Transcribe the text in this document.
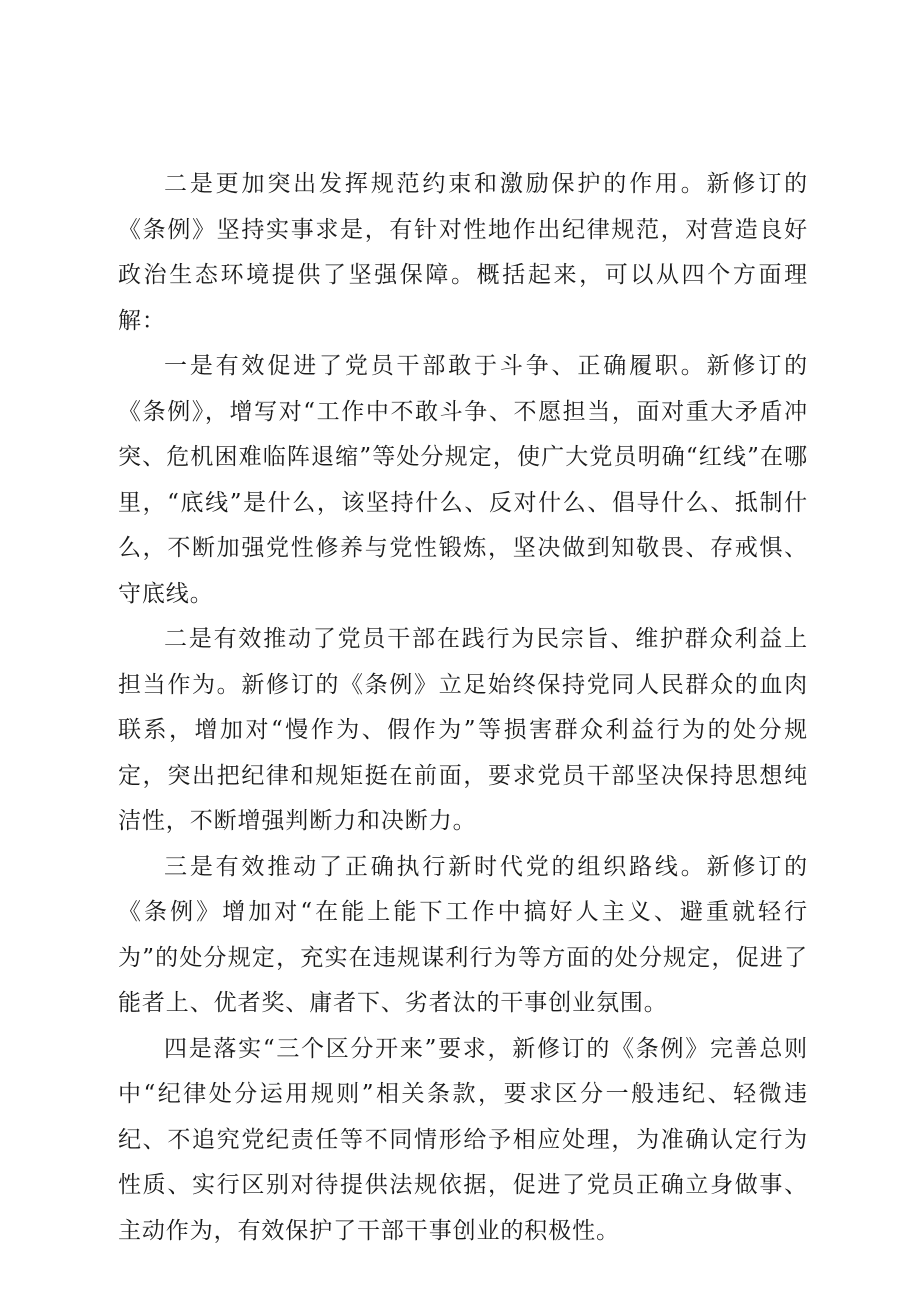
二是更加突出发挥规范约束和激励保护的作用。新修订的《条例》坚持实事求是，有针对性地作出纪律规范，对营造良好政治生态环境提供了坚强保障。概括起来，可以从四个方面理解：

一是有效促进了党员干部敢于斗争、正确履职。新修订的《条例》，增写对“工作中不敢斗争、不愿担当，面对重大矛盾冲突、危机困难临阵退缩”等处分规定，使广大党员明确“红线”在哪里，“底线”是什么，该坚持什么、反对什么、倡导什么、抵制什么，不断加强党性修养与党性锻炼，坚决做到知敬畏、存戒惧、守底线。

二是有效推动了党员干部在践行为民宗旨、维护群众利益上担当作为。新修订的《条例》立足始终保持党同人民群众的血肉联系，增加对“慢作为、假作为”等损害群众利益行为的处分规定，突出把纪律和规矩挺在前面，要求党员干部坚决保持思想纯洁性，不断增强判断力和决断力。

三是有效推动了正确执行新时代党的组织路线。新修订的《条例》增加对“在能上能下工作中搞好人主义、避重就轻行为”的处分规定，充实在违规谋利行为等方面的处分规定，促进了能者上、优者奖、庸者下、劣者汰的干事创业氛围。

四是落实“三个区分开来”要求，新修订的《条例》完善总则中“纪律处分运用规则”相关条款，要求区分一般违纪、轻微违纪、不追究党纪责任等不同情形给予相应处理，为准确认定行为性质、实行区别对待提供法规依据，促进了党员正确立身做事、主动作为，有效保护了干部干事创业的积极性。
